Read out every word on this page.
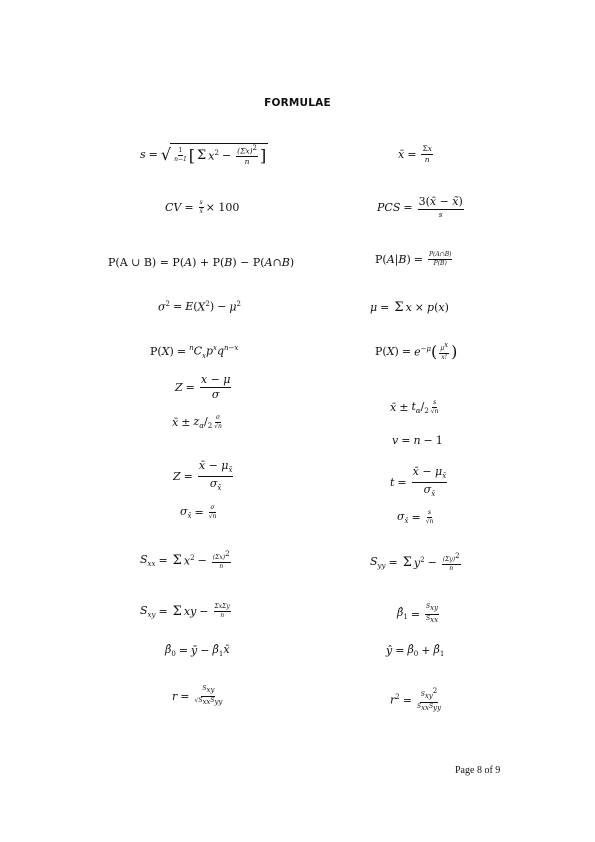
FORMULAE
s = √ $\frac{1}{n-1}$ [ Σ $x^2 - \frac{(\Sigma x)^2}{n}$ ]	x̄ = $\frac{\Sigma x}{n}$
CV = $\frac{s}{x̄} \times 100$	PCS = $\frac{3(x̄ - x̃)}{s}$
P(A ∪ B) = P( A ) + P( B ) − P( A ∩ B )	P( A | B ) = $\frac{P(A\cap B)}{P(B)}$
$\sigma^2 = E$ ( $X^2$ ) − $\mu^2$	μ = Σ x × p ( x )
P( X ) = $^nC_xp^xq^{n-x}$	P( X ) = $e^{-\mu}$ ( $\frac{\mu^x}{x!}$ )
$Z = \frac{x - \mu}{\sigma}$
x̄ ± $t_\alpha/_2 \frac{s}{√n}$
x̄ ± $z_\alpha/_2 \frac{\sigma}{√n}$
v = n − 1
$Z = \frac{x̄ - \mu_{x̄}}{\sigma_{x̄}}$	$t = \frac{x̄ - \mu_{x̄}}{\sigma_{x̄}}$
$\sigma_{x̄} = \frac{\sigma}{√n}$	$\sigma_{x̄} = \frac{s}{√n}$
$S_{xx} = \Sigma$ $x^2 - \frac{(\Sigma x)^2}{n}$	$S_{yy} = \Sigma$ $y^2 - \frac{(\Sigma y)^2}{n}$
$S_{xy} = \Sigma$ xy − $\frac{\text{ΣxΣy}}{n}$	$\betâ_1 = \frac{S_{xy}}{S_{xx}}$
$\betâ_0$ = ȳ − $\betâ_1x̄$	ŷ = $\betâ_0$ + $\betâ_1$
$r = \frac{S_{xy}}{√S_{xx}S_{yy}}$	$r^2 = \frac{S_{xy}^2}{S_{xx}S_{yy}}$
Page 8 of 9
